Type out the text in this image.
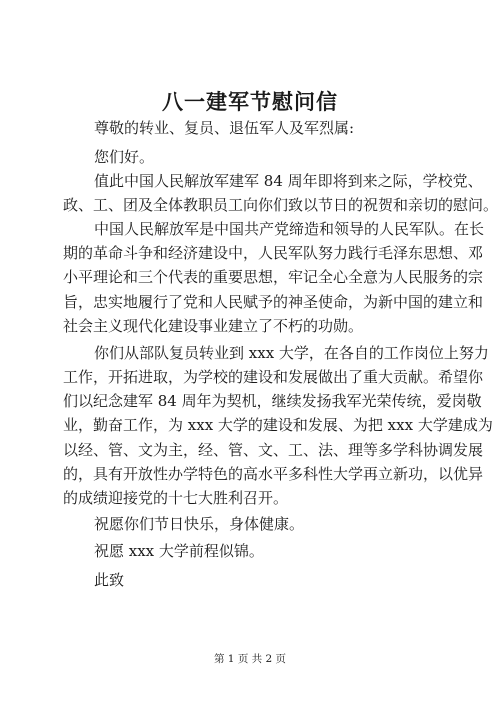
八一建军节慰问信
尊敬的转业、复员、退伍军人及军烈属:
您们好。
值此中国人民解放军建军 84 周年即将到来之际，学校党、
政、工、团及全体教职员工向你们致以节日的祝贺和亲切的慰问。
中国人民解放军是中国共产党缔造和领导的人民军队。在长
期的革命斗争和经济建设中，人民军队努力践行毛泽东思想、邓
小平理论和三个代表的重要思想，牢记全心全意为人民服务的宗
旨，忠实地履行了党和人民赋予的神圣使命，为新中国的建立和
社会主义现代化建设事业建立了不朽的功勋。
你们从部队复员转业到 xxx 大学，在各自的工作岗位上努力
工作，开拓进取，为学校的建设和发展做出了重大贡献。希望你
们以纪念建军 84 周年为契机，继续发扬我军光荣传统，爱岗敬
业，勤奋工作，为 xxx 大学的建设和发展、为把 xxx 大学建成为
以经、管、文为主，经、管、文、工、法、理等多学科协调发展
的，具有开放性办学特色的高水平多科性大学再立新功，以优异
的成绩迎接党的十七大胜利召开。
祝愿你们节日快乐，身体健康。
祝愿 xxx 大学前程似锦。
此致
第 1 页 共 2 页
